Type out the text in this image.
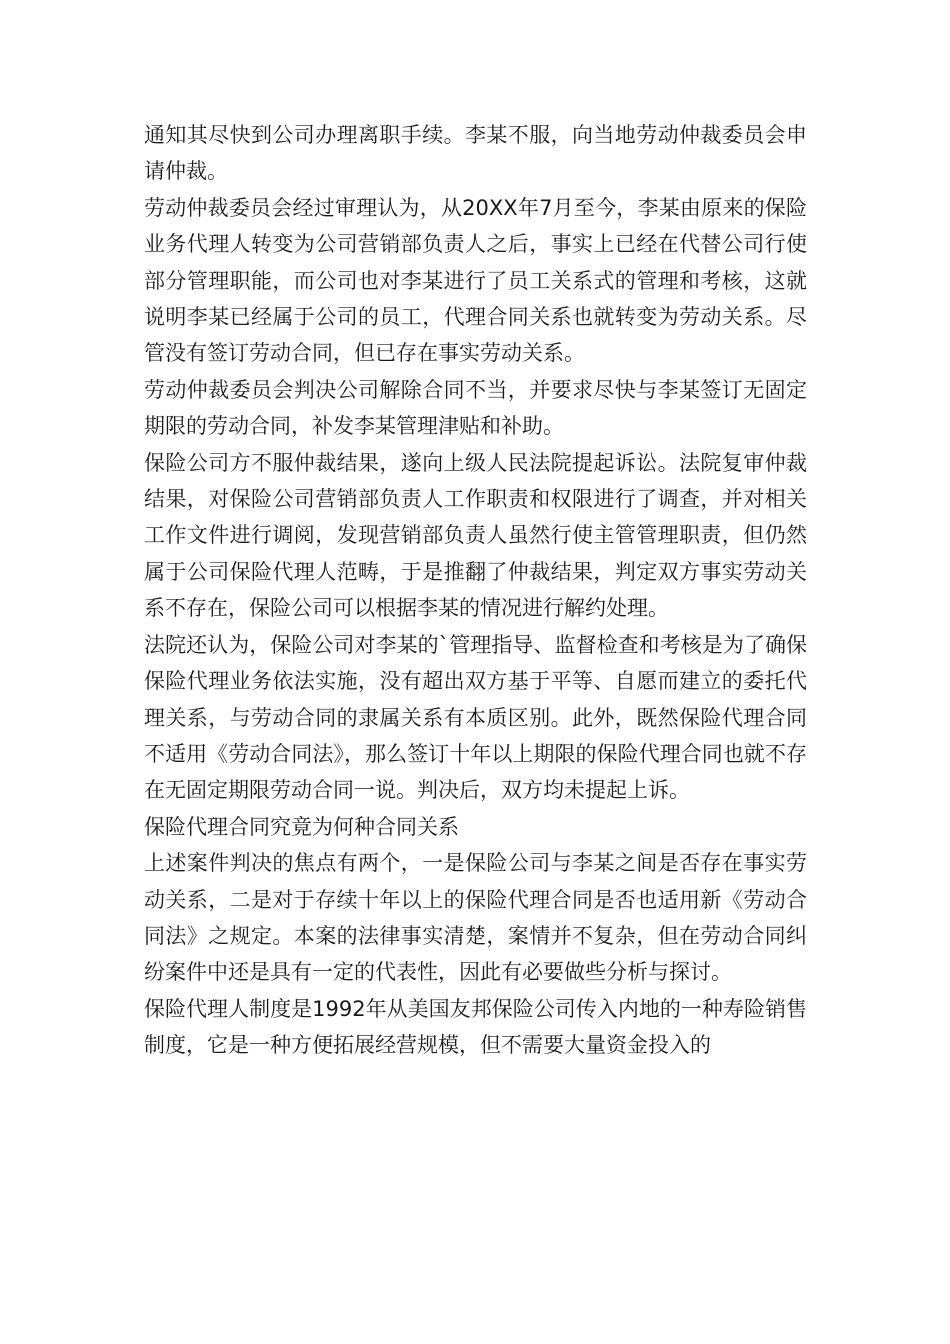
通知其尽快到公司办理离职手续。李某不服，向当地劳动仲裁委员会申请仲裁。

劳动仲裁委员会经过审理认为，从20XX年7月至今，李某由原来的保险业务代理人转变为公司营销部负责人之后，事实上已经在代替公司行使部分管理职能，而公司也对李某进行了员工关系式的管理和考核，这就说明李某已经属于公司的员工，代理合同关系也就转变为劳动关系。尽管没有签订劳动合同，但已存在事实劳动关系。

劳动仲裁委员会判决公司解除合同不当，并要求尽快与李某签订无固定期限的劳动合同，补发李某管理津贴和补助。

保险公司方不服仲裁结果，遂向上级人民法院提起诉讼。法院复审仲裁结果，对保险公司营销部负责人工作职责和权限进行了调查，并对相关工作文件进行调阅，发现营销部负责人虽然行使主管管理职责，但仍然属于公司保险代理人范畴，于是推翻了仲裁结果，判定双方事实劳动关系不存在，保险公司可以根据李某的情况进行解约处理。

法院还认为，保险公司对李某的`管理指导、监督检查和考核是为了确保保险代理业务依法实施，没有超出双方基于平等、自愿而建立的委托代理关系，与劳动合同的隶属关系有本质区别。此外，既然保险代理合同不适用《劳动合同法》，那么签订十年以上期限的保险代理合同也就不存在无固定期限劳动合同一说。判决后，双方均未提起上诉。

保险代理合同究竟为何种合同关系

上述案件判决的焦点有两个，一是保险公司与李某之间是否存在事实劳动关系，二是对于存续十年以上的保险代理合同是否也适用新《劳动合同法》之规定。本案的法律事实清楚，案情并不复杂，但在劳动合同纠纷案件中还是具有一定的代表性，因此有必要做些分析与探讨。

保险代理人制度是1992年从美国友邦保险公司传入内地的一种寿险销售制度，它是一种方便拓展经营规模，但不需要大量资金投入的
